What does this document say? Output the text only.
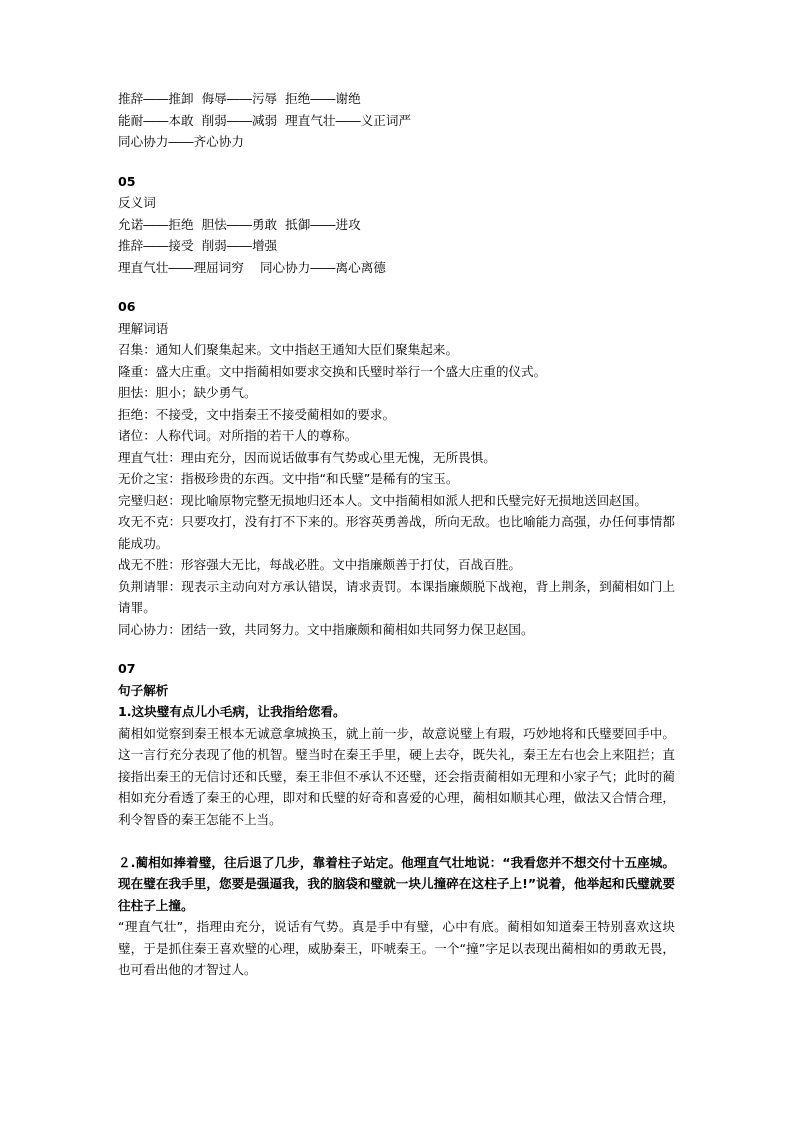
推辞――推卸  侮辱――污辱  拒绝――谢绝
能耐――本敢  削弱――减弱  理直气壮――义正词严
同心协力――齐心协力
05
反义词
允诺――拒绝  胆怯――勇敢  抵御――进攻
推辞――接受  削弱――增强
理直气壮――理屈词穷    同心协力――离心离德
06
理解词语
召集：通知人们聚集起来。文中指赵王通知大臣们聚集起来。
隆重：盛大庄重。文中指蔺相如要求交换和氏璧时举行一个盛大庄重的仪式。
胆怯：胆小；缺少勇气。
拒绝：不接受，文中指秦王不接受蔺相如的要求。
诸位：人称代词。对所指的若干人的尊称。
理直气壮：理由充分，因而说话做事有气势或心里无愧，无所畏惧。
无价之宝：指极珍贵的东西。文中指“和氏璧”是稀有的宝玉。
完璧归赵：现比喻原物完整无损地归还本人。文中指蔺相如派人把和氏璧完好无损地送回赵国。
攻无不克：只要攻打，没有打不下来的。形容英勇善战，所向无敌。也比喻能力高强，办任何事情都能成功。
战无不胜：形容强大无比，每战必胜。文中指廉颇善于打仗，百战百胜。
负荆请罪：现表示主动向对方承认错误，请求责罚。本课指廉颇脱下战袍，背上荆条，到蔺相如门上请罪。
同心协力：团结一致，共同努力。文中指廉颇和蔺相如共同努力保卫赵国。
07
句子解析
1.这块璧有点儿小毛病，让我指给您看。
蔺相如觉察到秦王根本无诚意拿城换玉，就上前一步，故意说璧上有瑕，巧妙地将和氏璧要回手中。这一言行充分表现了他的机智。璧当时在秦王手里，硬上去夺，既失礼，秦王左右也会上来阻拦；直接指出秦王的无信讨还和氏璧，秦王非但不承认不还璧，还会指责蔺相如无理和小家子气；此时的蔺相如充分看透了秦王的心理，即对和氏璧的好奇和喜爱的心理，蔺相如顺其心理，做法又合情合理，利令智昏的秦王怎能不上当。
２.蔺相如捧着璧，往后退了几步，靠着柱子站定。他理直气壮地说：“我看您并不想交付十五座城。现在璧在我手里，您要是强逼我，我的脑袋和璧就一块儿撞碎在这柱子上!”说着，他举起和氏璧就要往柱子上撞。
“理直气壮”，指理由充分，说话有气势。真是手中有璧，心中有底。蔺相如知道秦王特别喜欢这块璧，于是抓住秦王喜欢璧的心理，威胁秦王，吓唬秦王。一个“撞”字足以表现出蔺相如的勇敢无畏，也可看出他的才智过人。
